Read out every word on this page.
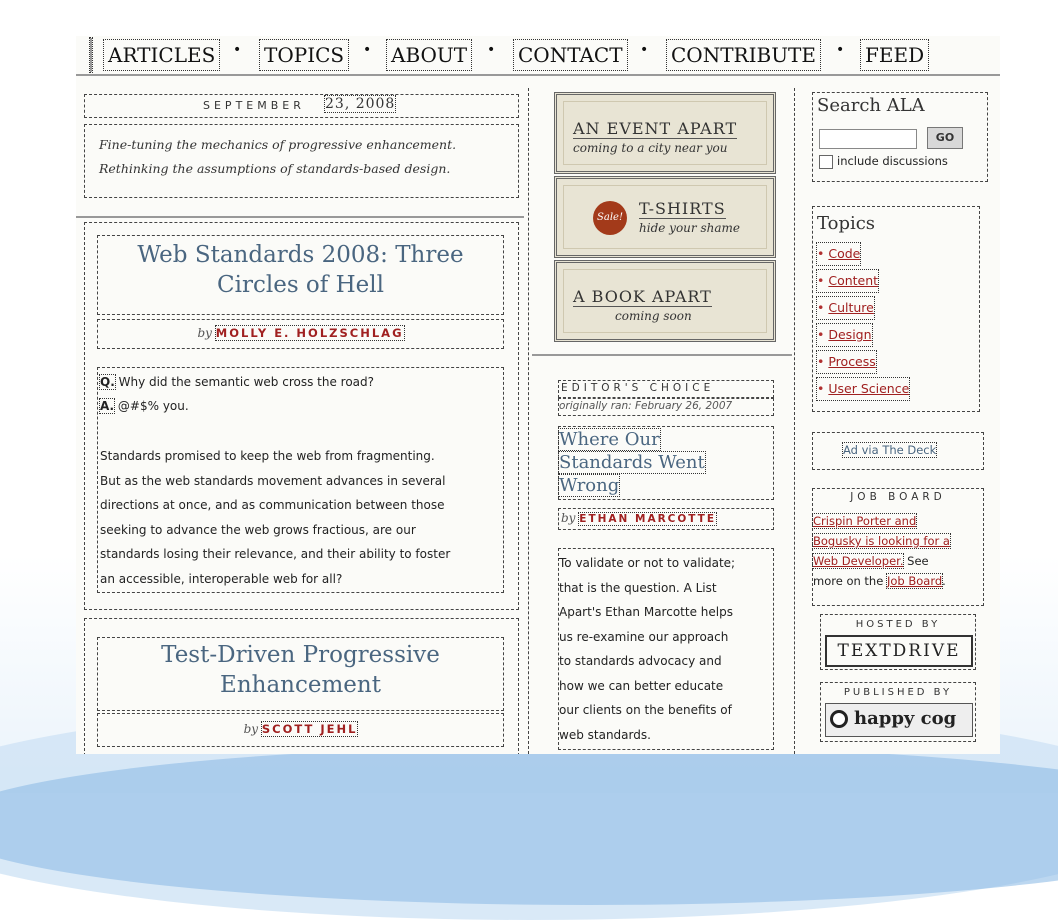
ARTICLES • TOPICS • ABOUT • CONTACT • CONTRIBUTE • FEED
SEPTEMBER 23, 2008
Fine-tuning the mechanics of progressive enhancement.
Rethinking the assumptions of standards-based design.
Web Standards 2008: Three
Circles of Hell
by MOLLY E. HOLZSCHLAG
Q. Why did the semantic web cross the road?
A. @#$% you.
Standards promised to keep the web from fragmenting.
But as the web standards movement advances in several
directions at once, and as communication between those
seeking to advance the web grows fractious, are our
standards losing their relevance, and their ability to foster
an accessible, interoperable web for all?
Test-Driven Progressive
Enhancement
by SCOTT JEHL
AN EVENT APART
coming to a city near you
Sale! T-SHIRTS
hide your shame
A BOOK APART
coming soon
EDITOR'S CHOICE
originally ran: February 26, 2007
Where Our
Standards Went
Wrong
by ETHAN MARCOTTE
To validate or not to validate;
that is the question. A List
Apart's Ethan Marcotte helps
us re-examine our approach
to standards advocacy and
how we can better educate
our clients on the benefits of
web standards.
Search ALA
GO
include discussions
Topics
• Code
• Content
• Culture
• Design
• Process
• User Science
Ad via The Deck
JOB BOARD
Crispin Porter and
Bogusky is looking for a
Web Developer. See
more on the Job Board.
HOSTED BY
TEXTDRIVE
PUBLISHED BY
happy cog
